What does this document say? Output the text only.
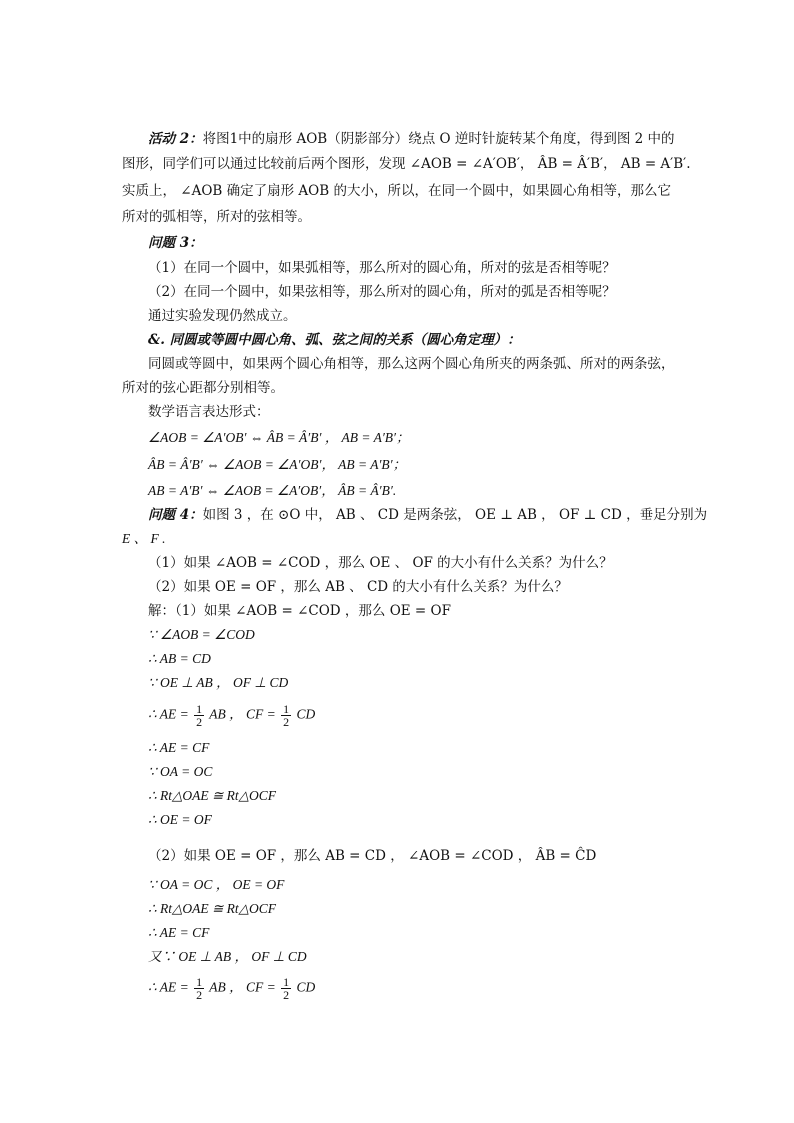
活动 2：将图1中的扇形 AOB（阴影部分）绕点 O 逆时针旋转某个角度，得到图 2 中的
图形，同学们可以通过比较前后两个图形，发现 ∠AOB = ∠A′OB′， ÂB = Â′B′， AB = A′B′.
实质上， ∠AOB 确定了扇形 AOB 的大小，所以，在同一个圆中，如果圆心角相等，那么它
所对的弧相等，所对的弦相等。
问题 3：
（1）在同一个圆中，如果弧相等，那么所对的圆心角，所对的弦是否相等呢？
（2）在同一个圆中，如果弦相等，那么所对的圆心角，所对的弧是否相等呢？
通过实验发现仍然成立。
&. 同圆或等圆中圆心角、弧、弦之间的关系（圆心角定理）：
同圆或等圆中，如果两个圆心角相等，那么这两个圆心角所夹的两条弧、所对的两条弦，
所对的弦心距都分别相等。
数学语言表达形式：
∠AOB = ∠A′OB′ ⇔ ÂB = Â′B′ ， AB = A′B′；
ÂB = Â′B′ ⇔ ∠AOB = ∠A′OB′， AB = A′B′；
AB = A′B′ ⇔ ∠AOB = ∠A′OB′， ÂB = Â′B′.
问题 4：如图 3 ，在 ⊙O 中， AB 、 CD 是两条弦， OE ⊥ AB ， OF ⊥ CD ，垂足分别为
E 、 F .
（1）如果 ∠AOB = ∠COD ，那么 OE 、 OF 的大小有什么关系？为什么？
（2）如果 OE = OF ，那么 AB 、 CD 的大小有什么关系？为什么？
解：（1）如果 ∠AOB = ∠COD ，那么 OE = OF
∵ ∠AOB = ∠COD
∴ AB = CD
∵ OE ⊥ AB ， OF ⊥ CD
∴ AE = $\frac{1}{2}$ AB ， CF = $\frac{1}{2}$ CD
∴ AE = CF
∵ OA = OC
∴ Rt△OAE ≅ Rt△OCF
∴ OE = OF
（2）如果 OE = OF ，那么 AB = CD ， ∠AOB = ∠COD ， ÂB = ĈD
∵ OA = OC ， OE = OF
∴ Rt△OAE ≅ Rt△OCF
∴ AE = CF
又∵ OE ⊥ AB ， OF ⊥ CD
∴ AE = $\frac{1}{2}$ AB ， CF = $\frac{1}{2}$ CD
